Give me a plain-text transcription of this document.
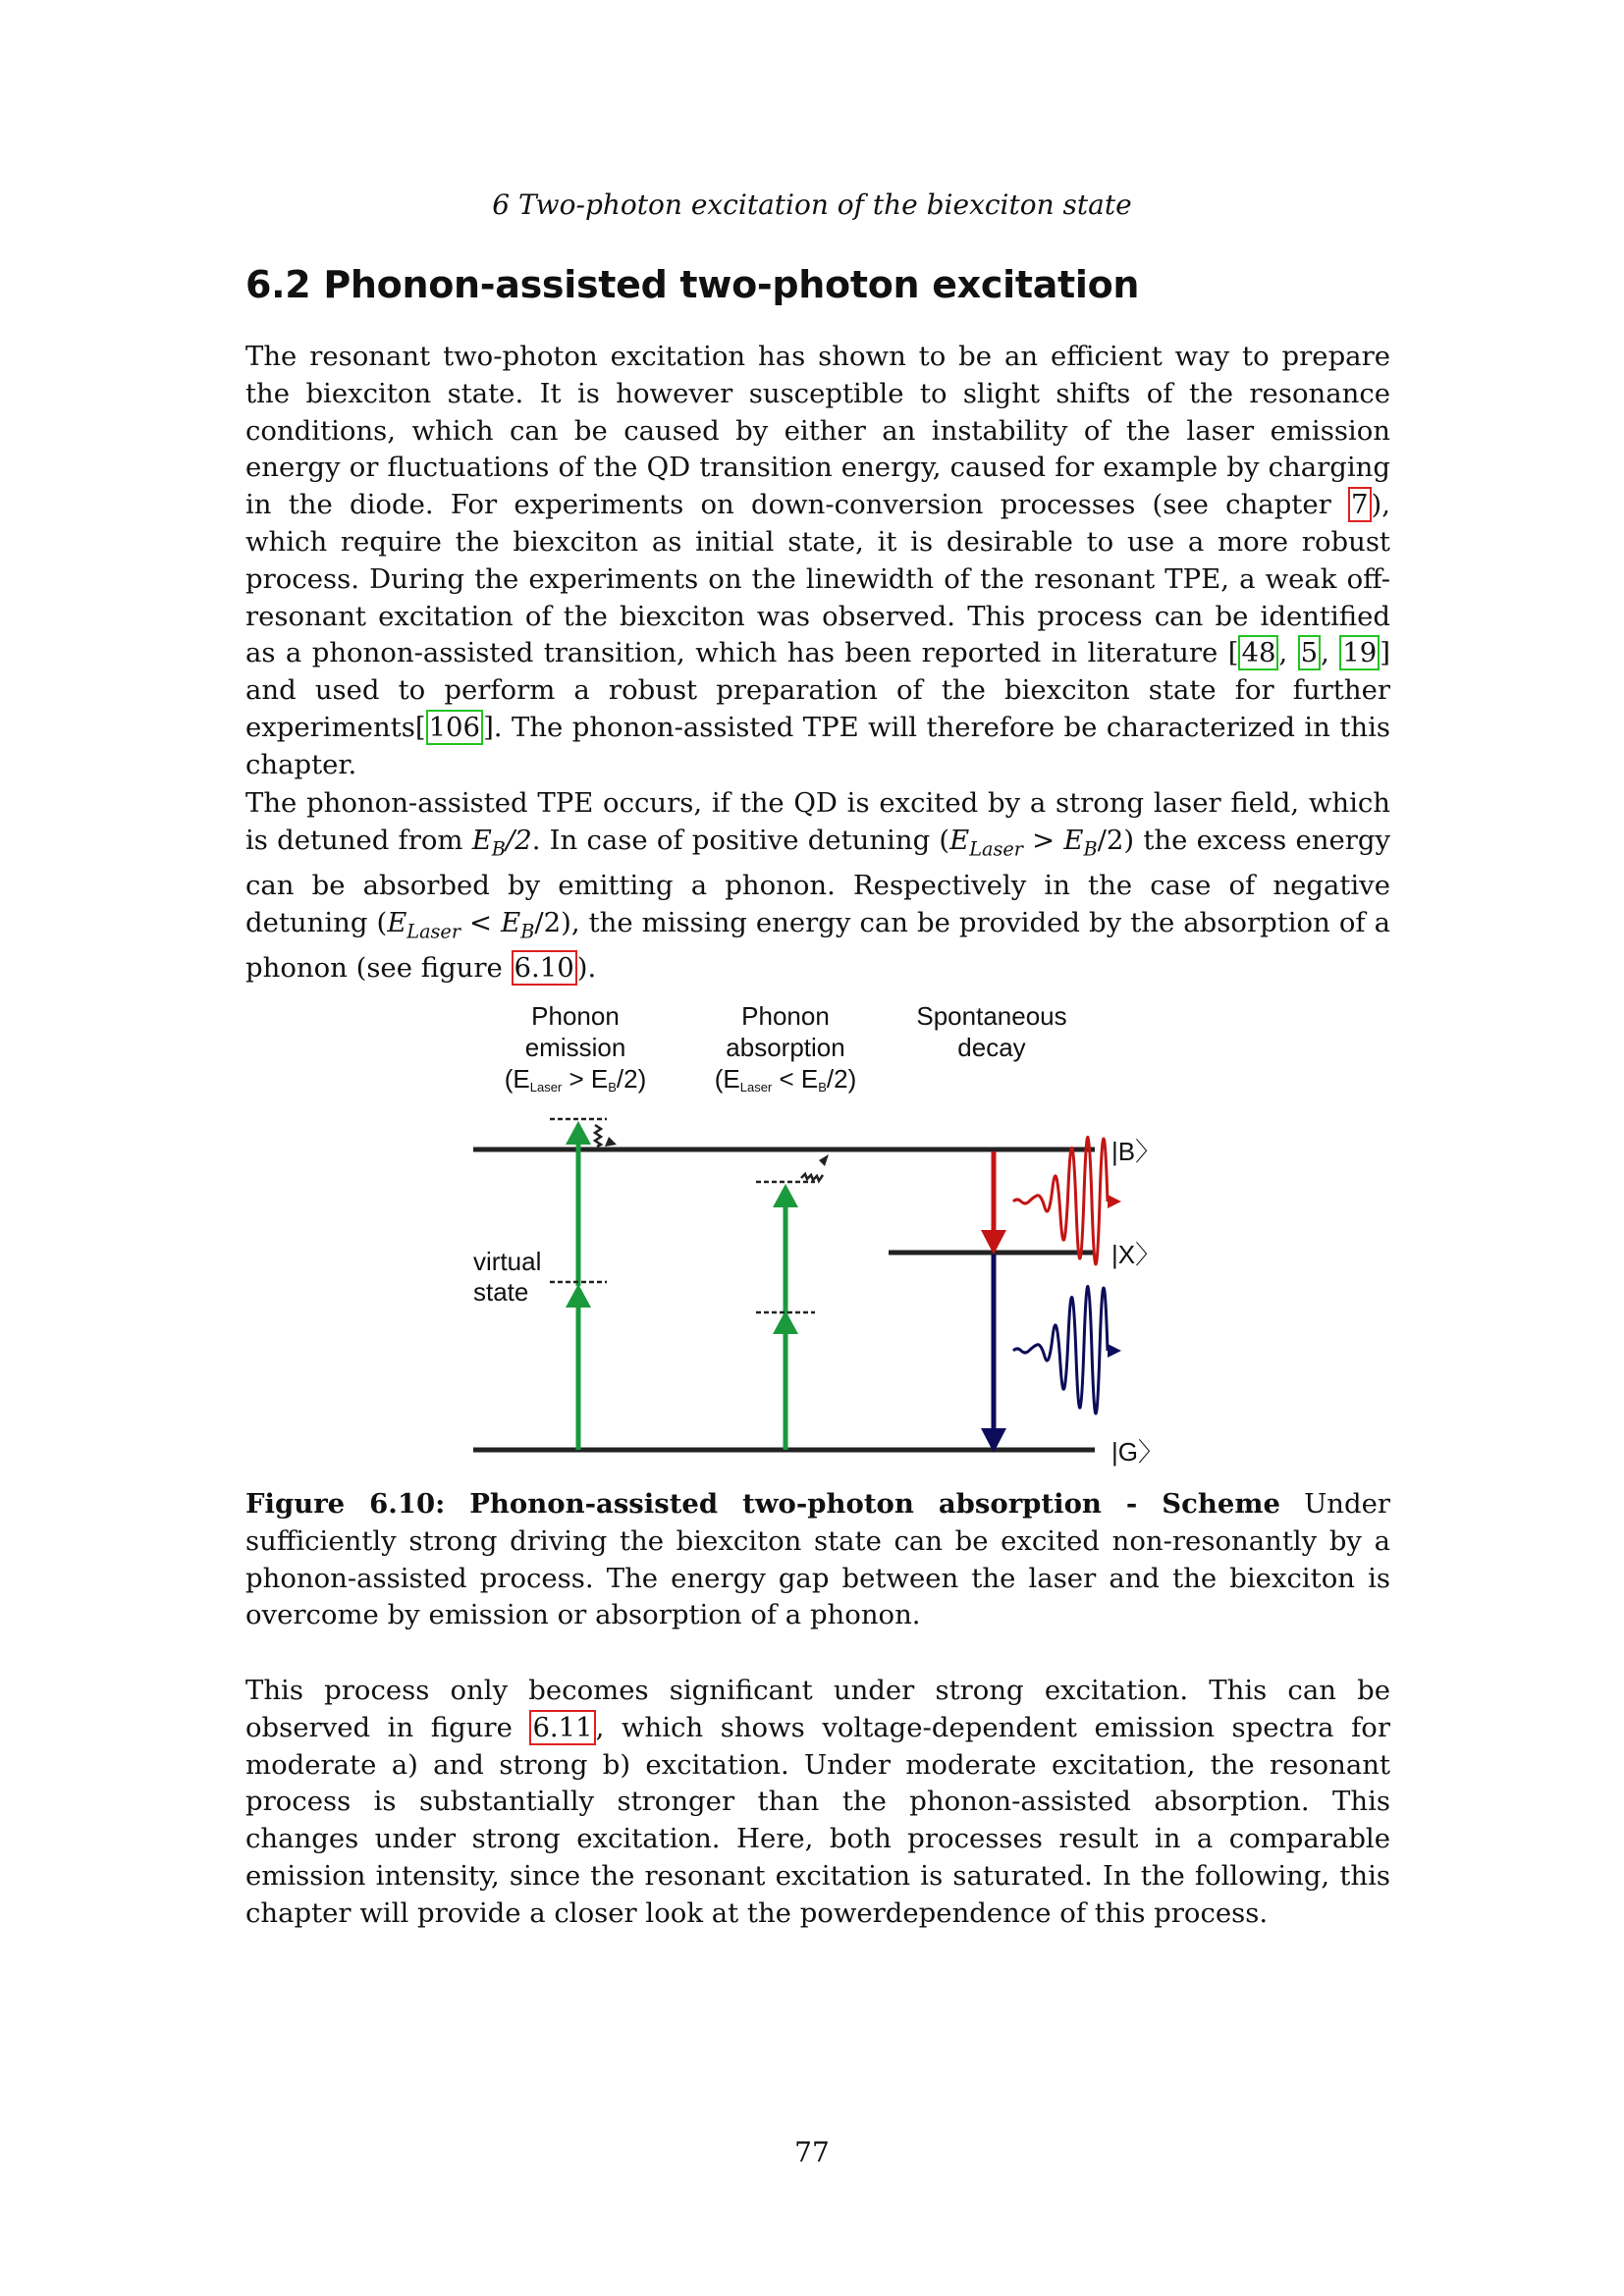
6 Two-photon excitation of the biexciton state
6.2 Phonon-assisted two-photon excitation

The resonant two-photon excitation has shown to be an efficient way to prepare the biexciton state. It is however susceptible to slight shifts of the resonance conditions, which can be caused by either an instability of the laser emission energy or fluctuations of the QD transition energy, caused for example by charging in the diode. For experiments on down-conversion processes (see chapter 7 ), which require the biexciton as initial state, it is desirable to use a more robust process. During the experiments on the linewidth of the resonant TPE, a weak off-resonant excitation of the biexciton was observed. This process can be identified as a phonon-assisted transition, which has been reported in literature [ 48 , 5 , 19 ] and used to perform a robust preparation of the biexciton state for further experiments[ 106 ]. The phonon-assisted TPE will therefore be characterized in this chapter.

The phonon-assisted TPE occurs, if the QD is excited by a strong laser field, which is detuned from $E_B/2$. In case of positive detuning $(E_{Laser} > E_B/2)$ the excess energy can be absorbed by emitting a phonon. Respectively in the case of negative detuning $(E_{Laser} < E_B/2)$, the missing energy can be provided by the absorption of a phonon (see figure 6.10 ).

Phonon
emission
(ELaser > EB/2)
Phonon
absorption
(ELaser < EB/2)
Spontaneous
decay
|B〉
|X〉
|G〉
virtual
state

Figure 6.10: Phonon-assisted two-photon absorption - Scheme Under sufficiently strong driving the biexciton state can be excited non-resonantly by a phonon-assisted process. The energy gap between the laser and the biexciton is overcome by emission or absorption of a phonon.

This process only becomes significant under strong excitation. This can be observed in figure 6.11 , which shows voltage-dependent emission spectra for moderate a) and strong b) excitation. Under moderate excitation, the resonant process is substantially stronger than the phonon-assisted absorption. This changes under strong excitation. Here, both processes result in a comparable emission intensity, since the resonant excitation is saturated. In the following, this chapter will provide a closer look at the powerdependence of this process.

77
